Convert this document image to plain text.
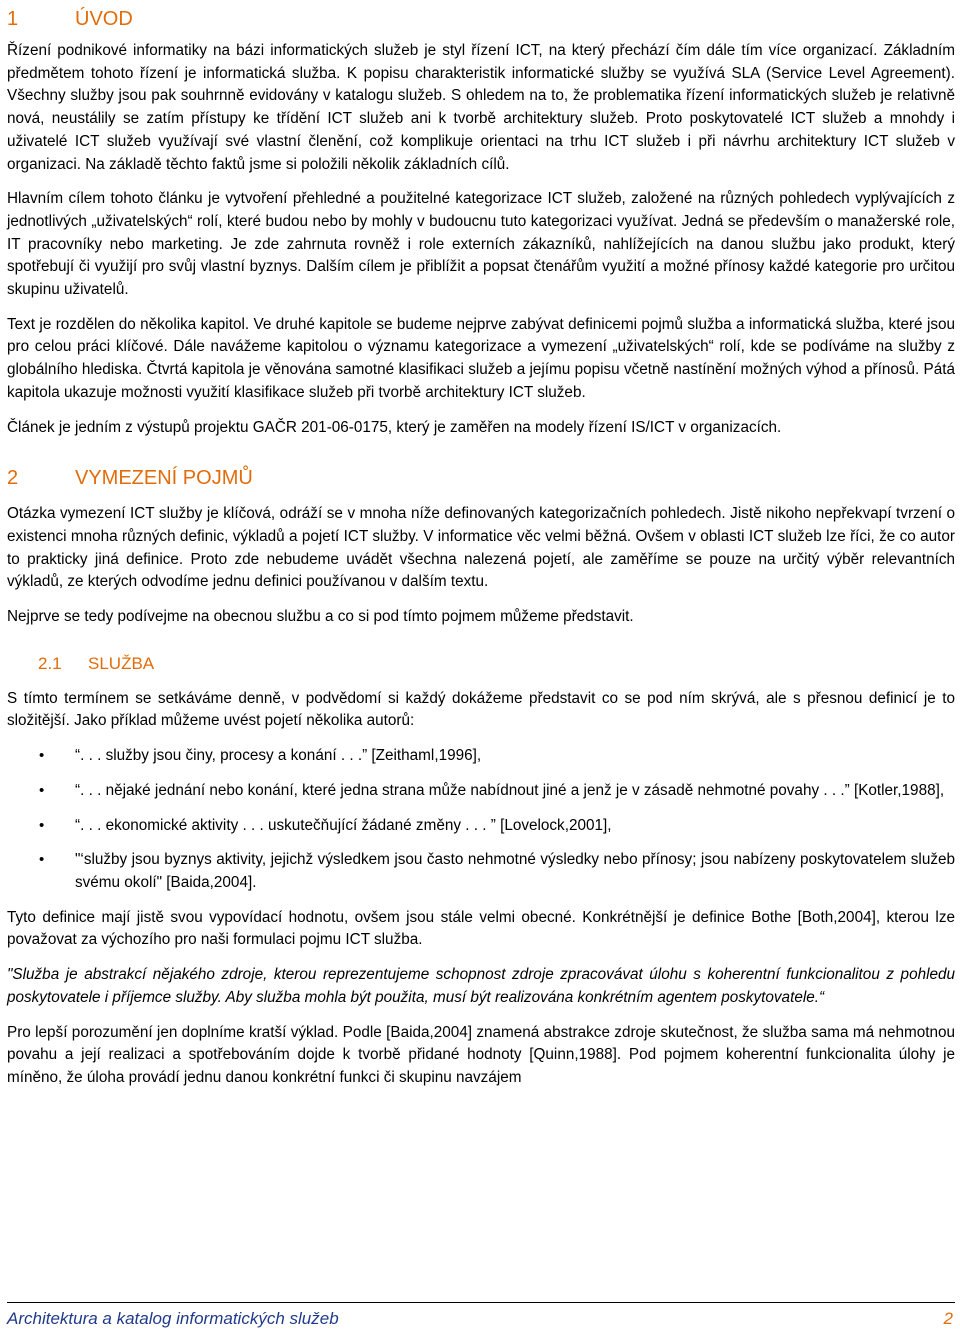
1	ÚVOD

Řízení podnikové informatiky na bázi informatických služeb je styl řízení ICT, na který přechází čím dále tím více organizací. Základním předmětem tohoto řízení je informatická služba. K popisu charakteristik informatické služby se využívá SLA (Service Level Agreement). Všechny služby jsou pak souhrnně evidovány v katalogu služeb. S ohledem na to, že problematika řízení informatických služeb je relativně nová, neustálily se zatím přístupy ke třídění ICT služeb ani k tvorbě architektury služeb. Proto poskytovatelé ICT služeb a mnohdy i uživatelé ICT služeb využívají své vlastní členění, což komplikuje orientaci na trhu ICT služeb i při návrhu architektury ICT služeb v organizaci. Na základě těchto faktů jsme si položili několik základních cílů.

Hlavním cílem tohoto článku je vytvoření přehledné a použitelné kategorizace ICT služeb, založené na různých pohledech vyplývajících z jednotlivých „uživatelských“ rolí, které budou nebo by mohly v budoucnu tuto kategorizaci využívat. Jedná se především o manažerské role, IT pracovníky nebo marketing. Je zde zahrnuta rovněž i role externích zákazníků, nahlížejících na danou službu jako produkt, který spotřebují či využijí pro svůj vlastní byznys. Dalším cílem je přiblížit a popsat čtenářům využití a možné přínosy každé kategorie pro určitou skupinu uživatelů.

Text je rozdělen do několika kapitol. Ve druhé kapitole se budeme nejprve zabývat definicemi pojmů služba a informatická služba, které jsou pro celou práci klíčové. Dále navážeme kapitolou o významu kategorizace a vymezení „uživatelských“ rolí, kde se podíváme na služby z globálního hlediska. Čtvrtá kapitola je věnována samotné klasifikaci služeb a jejímu popisu včetně nastínění možných výhod a přínosů. Pátá kapitola ukazuje možnosti využití klasifikace služeb při tvorbě architektury ICT služeb.

Článek je jedním z výstupů projektu GAČR 201-06-0175, který je zaměřen na modely řízení IS/ICT v organizacích.

2	VYMEZENÍ POJMŮ

Otázka vymezení ICT služby je klíčová, odráží se v mnoha níže definovaných kategorizačních pohledech. Jistě nikoho nepřekvapí tvrzení o existenci mnoha různých definic, výkladů a pojetí ICT služby. V informatice věc velmi běžná. Ovšem v oblasti ICT služeb lze říci, že co autor to prakticky jiná definice. Proto zde nebudeme uvádět všechna nalezená pojetí, ale zaměříme se pouze na určitý výběr relevantních výkladů, ze kterých odvodíme jednu definici používanou v dalším textu.

Nejprve se tedy podívejme na obecnou službu a co si pod tímto pojmem můžeme představit.

2.1	SLUŽBA

S tímto termínem se setkáváme denně, v podvědomí si každý dokážeme představit co se pod ním skrývá, ale s přesnou definicí je to složitější. Jako příklad můžeme uvést pojetí několika autorů:

• “. . . služby jsou činy, procesy a konání . . .” [Zeithaml,1996],
• “. . . nějaké jednání nebo konání, které jedna strana může nabídnout jiné a jenž je v zásadě nehmotné povahy . . .” [Kotler,1988],
• “. . . ekonomické aktivity . . . uskutečňující žádané změny . . . ” [Lovelock,2001],
• "‘služby jsou byznys aktivity, jejichž výsledkem jsou často nehmotné výsledky nebo přínosy; jsou nabízeny poskytovatelem služeb svému okolí" [Baida,2004].

Tyto definice mají jistě svou vypovídací hodnotu, ovšem jsou stále velmi obecné. Konkrétnější je definice Bothe [Both,2004], kterou lze považovat za výchozího pro naši formulaci pojmu ICT služba.

"Služba je abstrakcí nějakého zdroje, kterou reprezentujeme schopnost zdroje zpracovávat úlohu s koherentní funkcionalitou z pohledu poskytovatele i příjemce služby. Aby služba mohla být použita, musí být realizována konkrétním agentem poskytovatele.“

Pro lepší porozumění jen doplníme kratší výklad. Podle [Baida,2004] znamená abstrakce zdroje skutečnost, že služba sama má nehmotnou povahu a její realizaci a spotřebováním dojde k tvorbě přidané hodnoty [Quinn,1988]. Pod pojmem koherentní funkcionalita úlohy je míněno, že úloha provádí jednu danou konkrétní funkci či skupinu navzájem

Architektura a katalog informatických služeb	2
